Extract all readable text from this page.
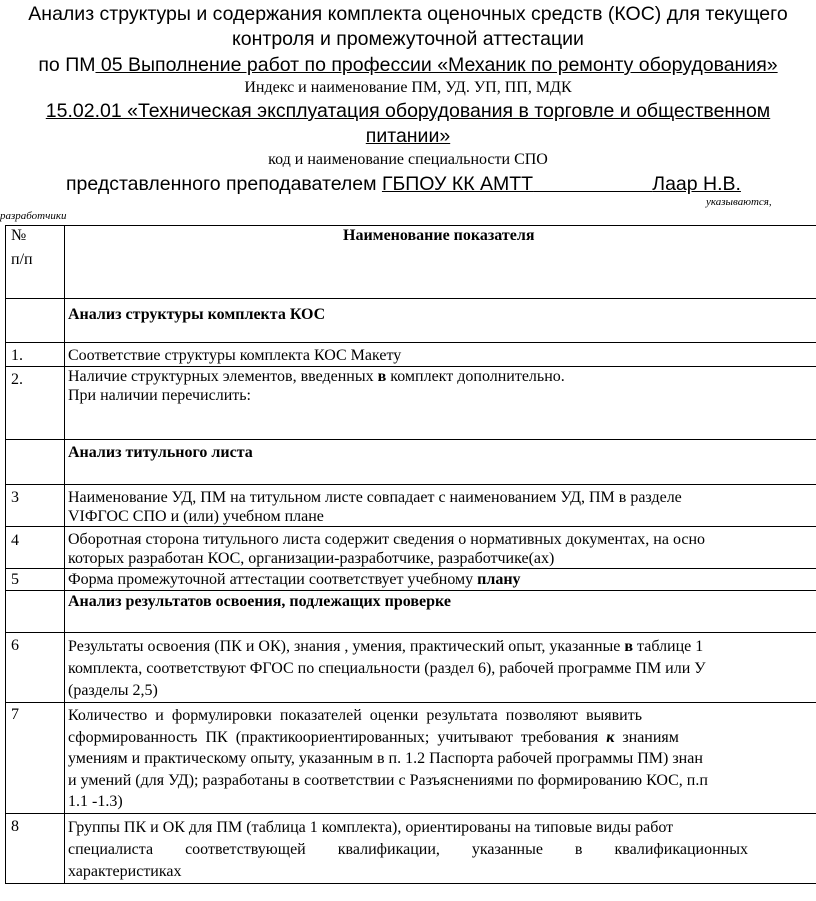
Анализ структуры и содержания комплекта оценочных средств (КОС) для текущего
контроля и промежуточной аттестации
по ПМ 05 Выполнение работ по профессии «Механик по ремонту оборудования»
Индекс и наименование ПМ, УД. УП, ПП, МДК
15.02.01 «Техническая эксплуатация оборудования в торговле и общественном
питании»
код и наименование специальности СПО
представленного преподавателем ГБПОУ КК АМТТ	Лаар Н.В.
указываются,
разработчики
№
п/п	Наименование показателя

	Анализ структуры комплекта КОС

1.	Соответствие структуры комплекта КОС Макету
2.	Наличие структурных элементов, введенных в комплект дополнительно.
При наличии перечислить:

	Анализ титульного листа

3	Наименование УД, ПМ на титульном листе совпадает с наименованием УД, ПМ в разделе
VIФГОС СПО и (или) учебном плане

4	Оборотная сторона титульного листа содержит сведения о нормативных документах, на осно
которых разработан КОС, организации-разработчике, разработчике(ах)

5	Форма промежуточной аттестации соответствует учебному плану

	Анализ результатов освоения, подлежащих проверке

6	Результаты освоения (ПК и ОК), знания , умения, практический опыт, указанные в таблице 1
комплекта, соответствуют ФГОС по специальности (раздел 6), рабочей программе ПМ или У
(разделы 2,5)

7	Количество  и  формулировки  показателей  оценки  результата  позволяют  выявить
сформированность  ПК  (практикоориентированных;  учитывают  требования  к  знаниям
умениям и практическому опыту, указанным в п. 1.2 Паспорта рабочей программы ПМ) знан
и умений (для УД); разработаны в соответствии с Разъяснениями по формированию КОС, п.п
1.1 -1.3)

8	Группы ПК и ОК для ПМ (таблица 1 комплекта), ориентированы на типовые виды работ
специалиста        соответствующей        квалификации,        указанные        в        квалификационных
характеристиках
